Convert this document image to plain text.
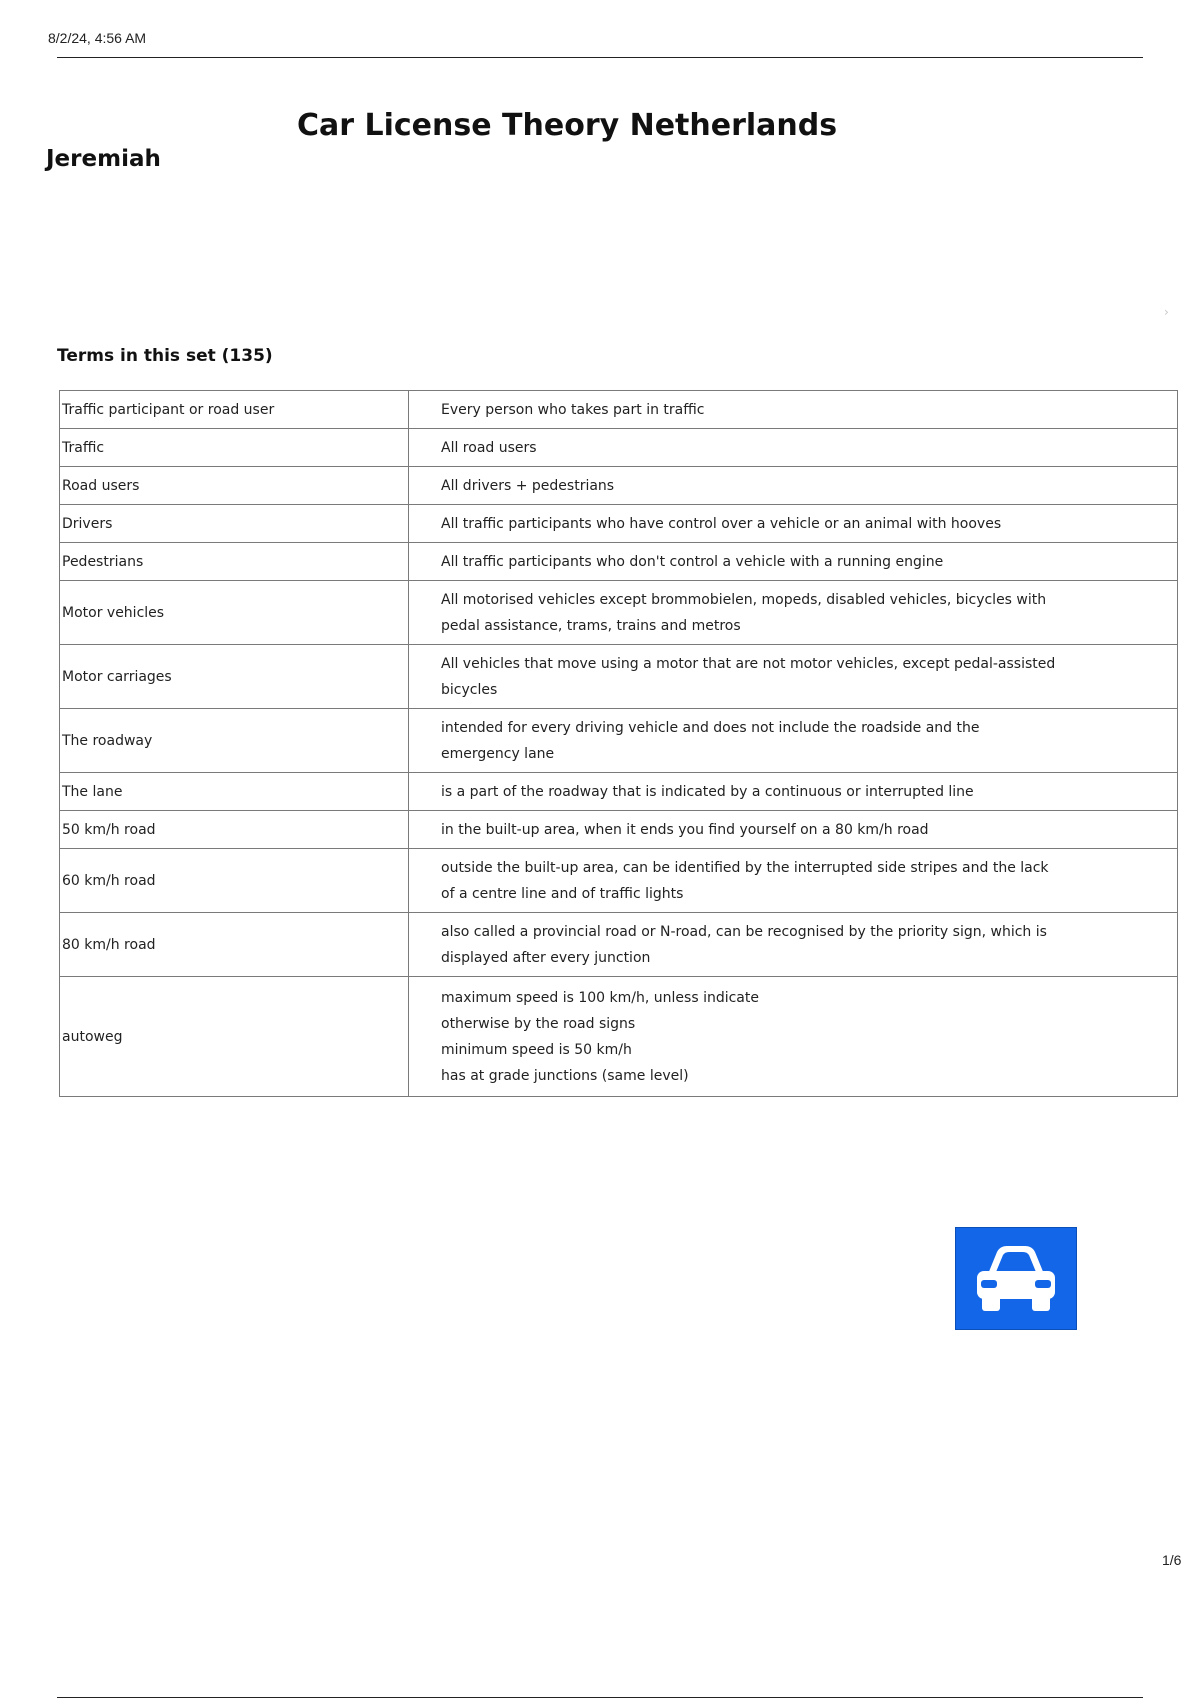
8/2/24, 4:56 AM
Car License Theory Netherlands
Jeremiah
›
Terms in this set (135)
Traffic participant or road user	Every person who takes part in traffic

Traffic	All road users

Road users	All drivers + pedestrians

Drivers	All traffic participants who have control over a vehicle or an animal with hooves

Pedestrians	All traffic participants who don't control a vehicle with a running engine

Motor vehicles	All motorised vehicles except brommobielen, mopeds, disabled vehicles, bicycles with
pedal assistance, trams, trains and metros

Motor carriages	All vehicles that move using a motor that are not motor vehicles, except pedal-assisted
bicycles

The roadway	intended for every driving vehicle and does not include the roadside and the
emergency lane

The lane	is a part of the roadway that is indicated by a continuous or interrupted line

50 km/h road	in the built-up area, when it ends you find yourself on a 80 km/h road

60 km/h road	outside the built-up area, can be identified by the interrupted side stripes and the lack
of a centre line and of traffic lights

80 km/h road	also called a provincial road or N-road, can be recognised by the priority sign, which is
displayed after every junction

autoweg	maximum speed is 100 km/h, unless indicate
otherwise by the road signs
minimum speed is 50 km/h
has at grade junctions (same level)
1/6
